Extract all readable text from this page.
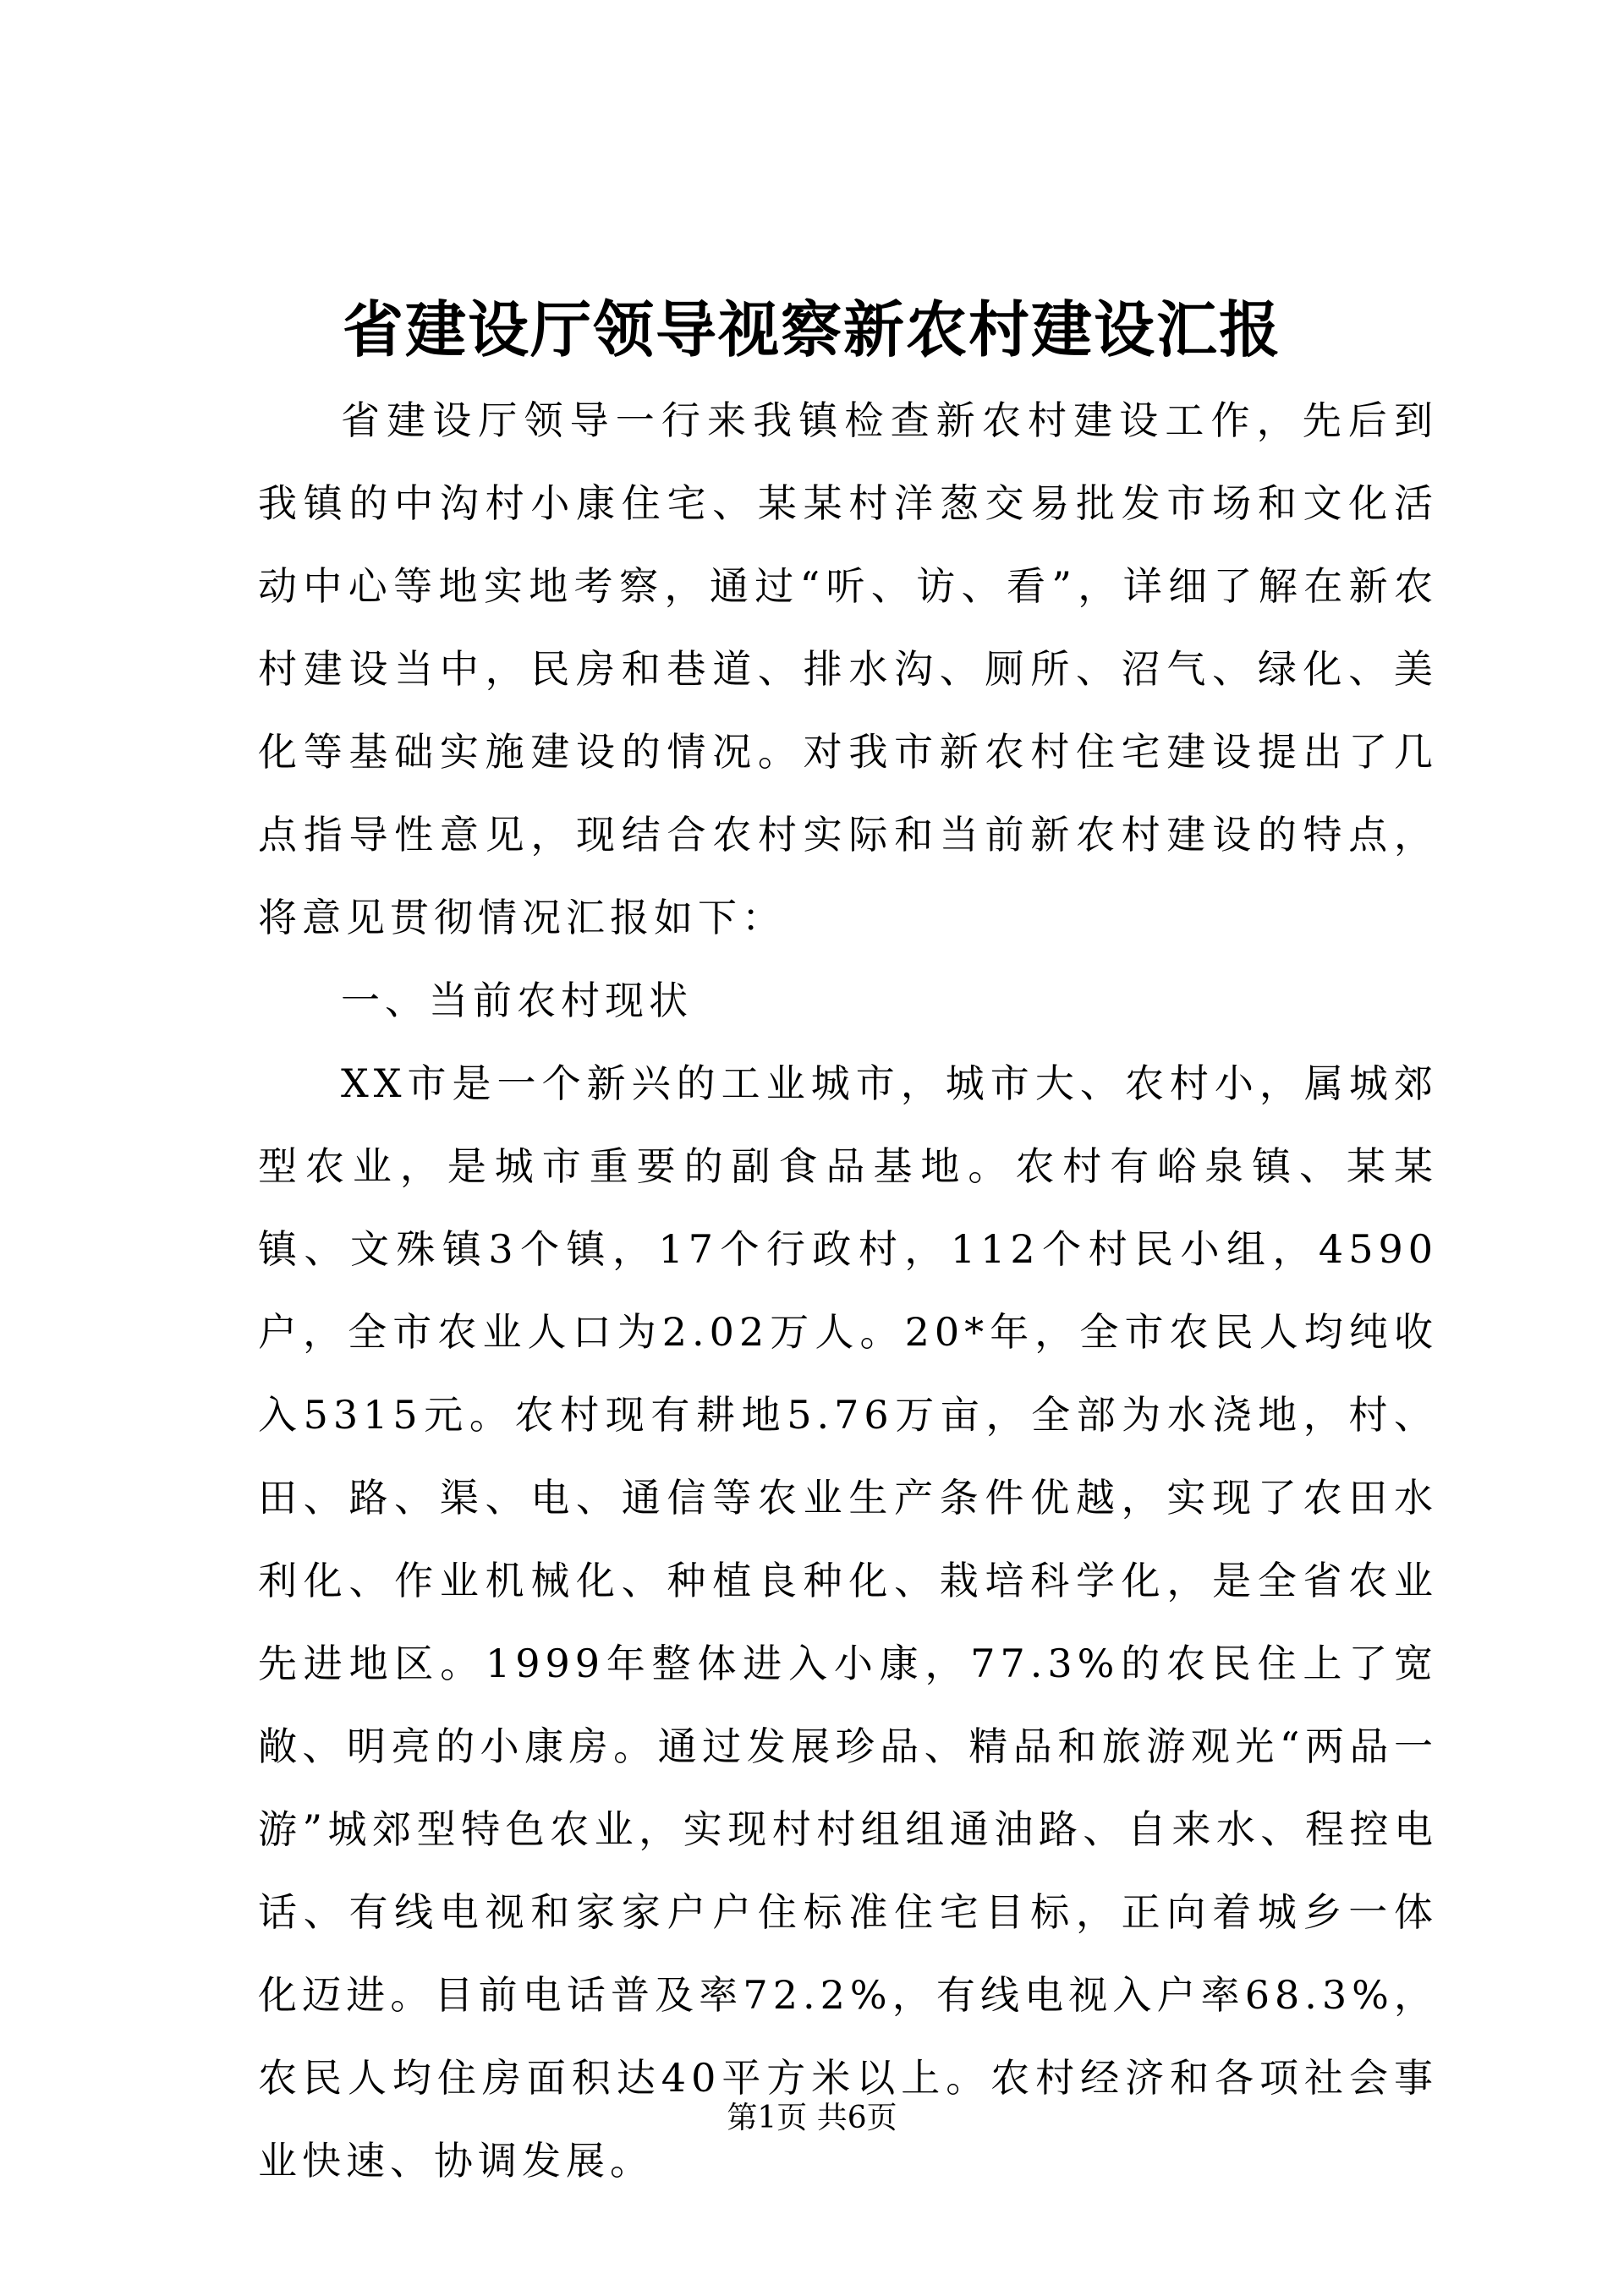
省建设厅领导视察新农村建设汇报

省建设厅领导一行来我镇检查新农村建设工作，先后到我镇的中沟村小康住宅、某某村洋葱交易批发市场和文化活动中心等地实地考察，通过“听、访、看”，详细了解在新农村建设当中，民房和巷道、排水沟、厕所、沼气、绿化、美化等基础实施建设的情况。对我市新农村住宅建设提出了几点指导性意见，现结合农村实际和当前新农村建设的特点，将意见贯彻情况汇报如下：

一、当前农村现状

XX市是一个新兴的工业城市，城市大、农村小，属城郊型农业，是城市重要的副食品基地。农村有峪泉镇、某某镇、文殊镇3个镇，17个行政村，112个村民小组，4590户，全市农业人口为2.02万人。20*年，全市农民人均纯收入5315元。农村现有耕地5.76万亩，全部为水浇地，村、田、路、渠、电、通信等农业生产条件优越，实现了农田水利化、作业机械化、种植良种化、栽培科学化，是全省农业先进地区。1999年整体进入小康，77.3%的农民住上了宽敞、明亮的小康房。通过发展珍品、精品和旅游观光“两品一游”城郊型特色农业，实现村村组组通油路、自来水、程控电话、有线电视和家家户户住标准住宅目标，正向着城乡一体化迈进。目前电话普及率72.2%，有线电视入户率68.3%，农民人均住房面积达40平方米以上。农村经济和各项社会事业快速、协调发展。

第1页 共6页
